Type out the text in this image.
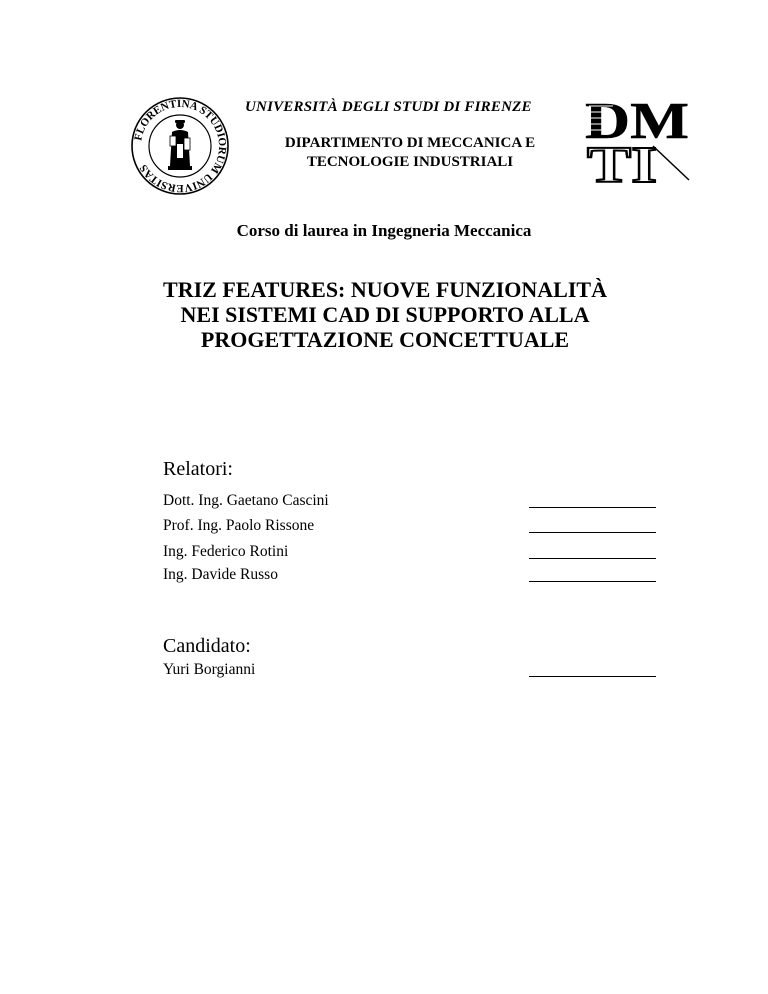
FLORENTINA STUDIORUM UNIVERSITAS
UNIVERSITÀ DEGLI STUDI DI FIRENZE
DIPARTIMENTO DI MECCANICA E
TECNOLOGIE INDUSTRIALI
DM
TI
Corso di laurea in Ingegneria Meccanica
TRIZ FEATURES: NUOVE FUNZIONALITÀ
NEI SISTEMI CAD DI SUPPORTO ALLA
PROGETTAZIONE CONCETTUALE
Relatori:
Dott. Ing. Gaetano Cascini
Prof. Ing. Paolo Rissone
Ing. Federico Rotini
Ing. Davide Russo
Candidato:
Yuri Borgianni
